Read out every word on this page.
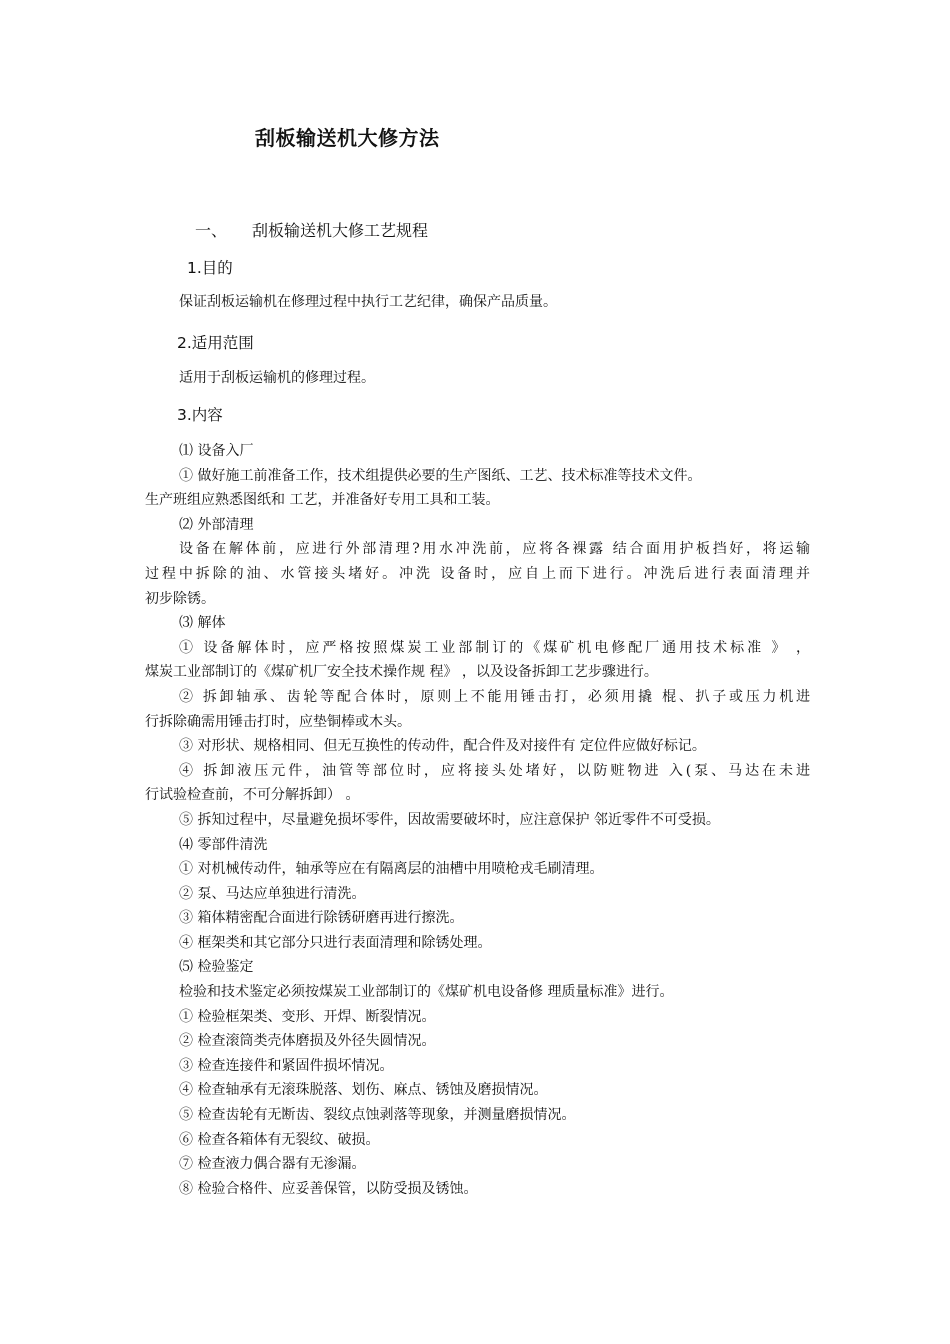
刮板输送机大修方法
一、 刮板输送机大修工艺规程
1.目的

保证刮板运输机在修理过程中执行工艺纪律，确保产品质量。

2.适用范围

适用于刮板运输机的修理过程。

3.内容

⑴ 设备入厂

① 做好施工前准备工作，技术组提供必要的生产图纸、工艺、技术标准等技术文件。

生产班组应熟悉图纸和 工艺，并准备好专用工具和工装。

⑵ 外部清理

设备在解体前，应进行外部清理?用水冲洗前，应将各裸露 结合面用护板挡好，将运输

过程中拆除的油、水管接头堵好。冲洗 设备时，应自上而下进行。冲洗后进行表面清理并

初步除锈。

⑶ 解体

① 设备解体时，应严格按照煤炭工业部制订的《煤矿机电修配厂通用技术标准 》 ，

煤炭工业部制订的《煤矿机厂安全技术操作规 程》 ，以及设备拆卸工艺步骤进行。

② 拆卸轴承、齿轮等配合体时，原则上不能用锤击打，必须用撬 棍、扒子或压力机进

行拆除确需用锤击打时，应垫铜棒或木头。

③ 对形状、规格相同、但无互换性的传动件，配合件及对接件有 定位件应做好标记。

④ 拆卸液压元件，油管等部位时，应将接头处堵好，以防赃物进 入(泵、马达在未进

行试验检查前，不可分解拆卸） 。

⑤ 拆知过程中，尽量避免损坏零件，因故需要破坏时，应注意保护 邻近零件不可受损。

⑷ 零部件清洗

① 对机械传动件，轴承等应在有隔离层的油槽中用喷枪戎毛刷清理。

② 泵、马达应单独进行清洗。

③ 箱体精密配合面进行除锈研磨再进行擦洗。

④ 框架类和其它部分只进行表面清理和除锈处理。

⑸ 检验鉴定

检验和技术鉴定必须按煤炭工业部制订的《煤矿机电设备修 理质量标准》进行。

① 检验框架类、变形、开焊、断裂情况。

② 检查滚筒类壳体磨损及外径失圆情况。

③ 检查连接件和紧固件损坏情况。

④ 检查轴承有无滚珠脱落、划伤、麻点、锈蚀及磨损情况。

⑤ 检查齿轮有无断齿、裂纹点蚀剥落等现象，并测量磨损情况。

⑥ 检查各箱体有无裂纹、破损。

⑦ 检查液力偶合器有无渗漏。

⑧ 检验合格件、应妥善保管，以防受损及锈蚀。
